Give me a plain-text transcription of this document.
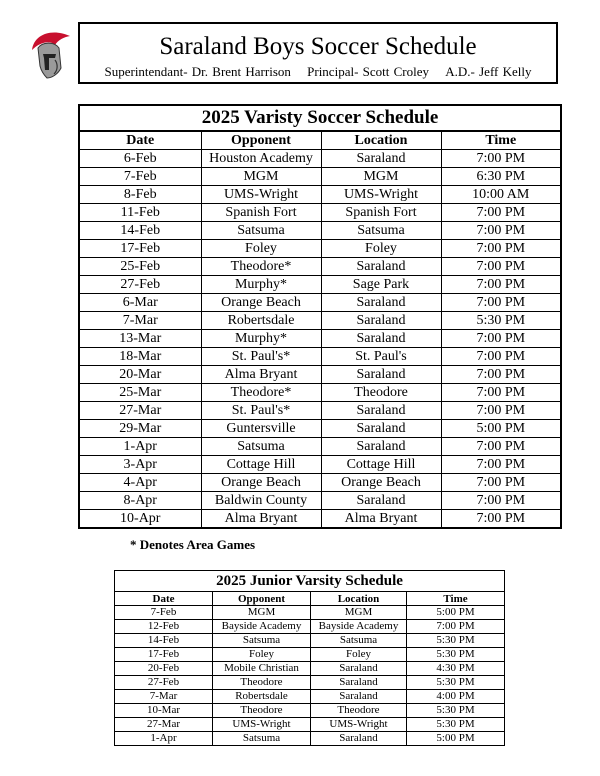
Saraland Boys Soccer Schedule
Superintendant- Dr. Brent Harrison Principal- Scott Croley A.D.- Jeff Kelly
2025 Varisty Soccer Schedule			
Date	Opponent	Location	Time
6-Feb	Houston Academy	Saraland	7:00 PM
7-Feb	MGM	MGM	6:30 PM
8-Feb	UMS-Wright	UMS-Wright	10:00 AM
11-Feb	Spanish Fort	Spanish Fort	7:00 PM
14-Feb	Satsuma	Satsuma	7:00 PM
17-Feb	Foley	Foley	7:00 PM
25-Feb	Theodore*	Saraland	7:00 PM
27-Feb	Murphy*	Sage Park	7:00 PM
6-Mar	Orange Beach	Saraland	7:00 PM
7-Mar	Robertsdale	Saraland	5:30 PM
13-Mar	Murphy*	Saraland	7:00 PM
18-Mar	St. Paul's*	St. Paul's	7:00 PM
20-Mar	Alma Bryant	Saraland	7:00 PM
25-Mar	Theodore*	Theodore	7:00 PM
27-Mar	St. Paul's*	Saraland	7:00 PM
29-Mar	Guntersville	Saraland	5:00 PM
1-Apr	Satsuma	Saraland	7:00 PM
3-Apr	Cottage Hill	Cottage Hill	7:00 PM
4-Apr	Orange Beach	Orange Beach	7:00 PM
8-Apr	Baldwin County	Saraland	7:00 PM
10-Apr	Alma Bryant	Alma Bryant	7:00 PM
* Denotes Area Games
2025 Junior Varsity Schedule			
Date	Opponent	Location	Time
7-Feb	MGM	MGM	5:00 PM
12-Feb	Bayside Academy	Bayside Academy	7:00 PM
14-Feb	Satsuma	Satsuma	5:30 PM
17-Feb	Foley	Foley	5:30 PM
20-Feb	Mobile Christian	Saraland	4:30 PM
27-Feb	Theodore	Saraland	5:30 PM
7-Mar	Robertsdale	Saraland	4:00 PM
10-Mar	Theodore	Theodore	5:30 PM
27-Mar	UMS-Wright	UMS-Wright	5:30 PM
1-Apr	Satsuma	Saraland	5:00 PM
